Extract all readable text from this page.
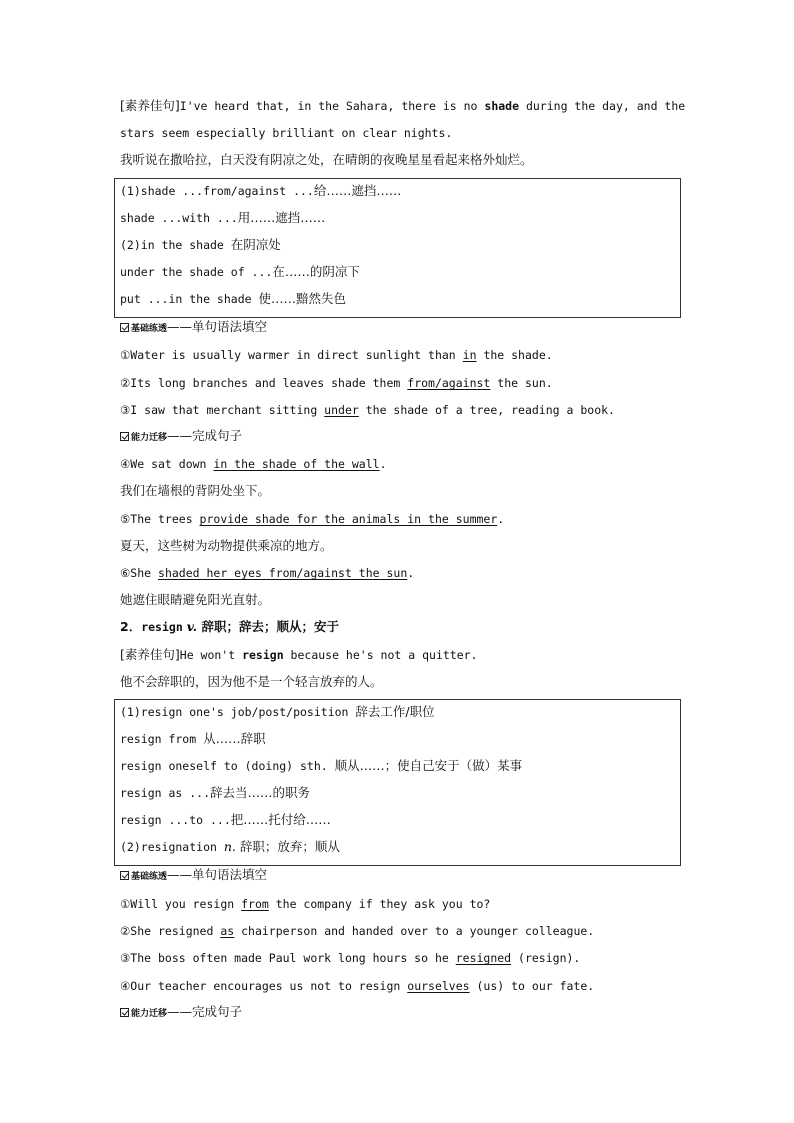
[素养佳句]I've heard that, in the Sahara, there is no shade during the day, and the
stars seem especially brilliant on clear nights.
我听说在撒哈拉，白天没有阴凉之处，在晴朗的夜晚星星看起来格外灿烂。
(1)shade ...from/against ...给……遮挡……
shade ...with ...用……遮挡……
(2)in the shade 在阴凉处
under the shade of ...在……的阴凉下
put ...in the shade 使……黯然失色
基础练透——单句语法填空
①Water is usually warmer in direct sunlight than in the shade.
②Its long branches and leaves shade them from/against the sun.
③I saw that merchant sitting under the shade of a tree, reading a book.
能力迁移——完成句子
④We sat down in the shade of the wall.
我们在墙根的背阴处坐下。
⑤The trees provide shade for the animals in the summer.
夏天，这些树为动物提供乘凉的地方。
⑥She shaded her eyes from/against the sun.
她遮住眼睛避免阳光直射。
2．resign v. 辞职；辞去；顺从；安于
[素养佳句]He won't resign because he's not a quitter.
他不会辞职的，因为他不是一个轻言放弃的人。
(1)resign one's job/post/position 辞去工作/职位
resign from 从……辞职
resign oneself to (doing) sth. 顺从……；使自己安于（做）某事
resign as ...辞去当……的职务
resign ...to ...把……托付给……
(2)resignation n. 辞职；放弃；顺从
基础练透——单句语法填空
①Will you resign from the company if they ask you to?
②She resigned as chairperson and handed over to a younger colleague.
③The boss often made Paul work long hours so he resigned (resign).
④Our teacher encourages us not to resign ourselves (us) to our fate.
能力迁移——完成句子
